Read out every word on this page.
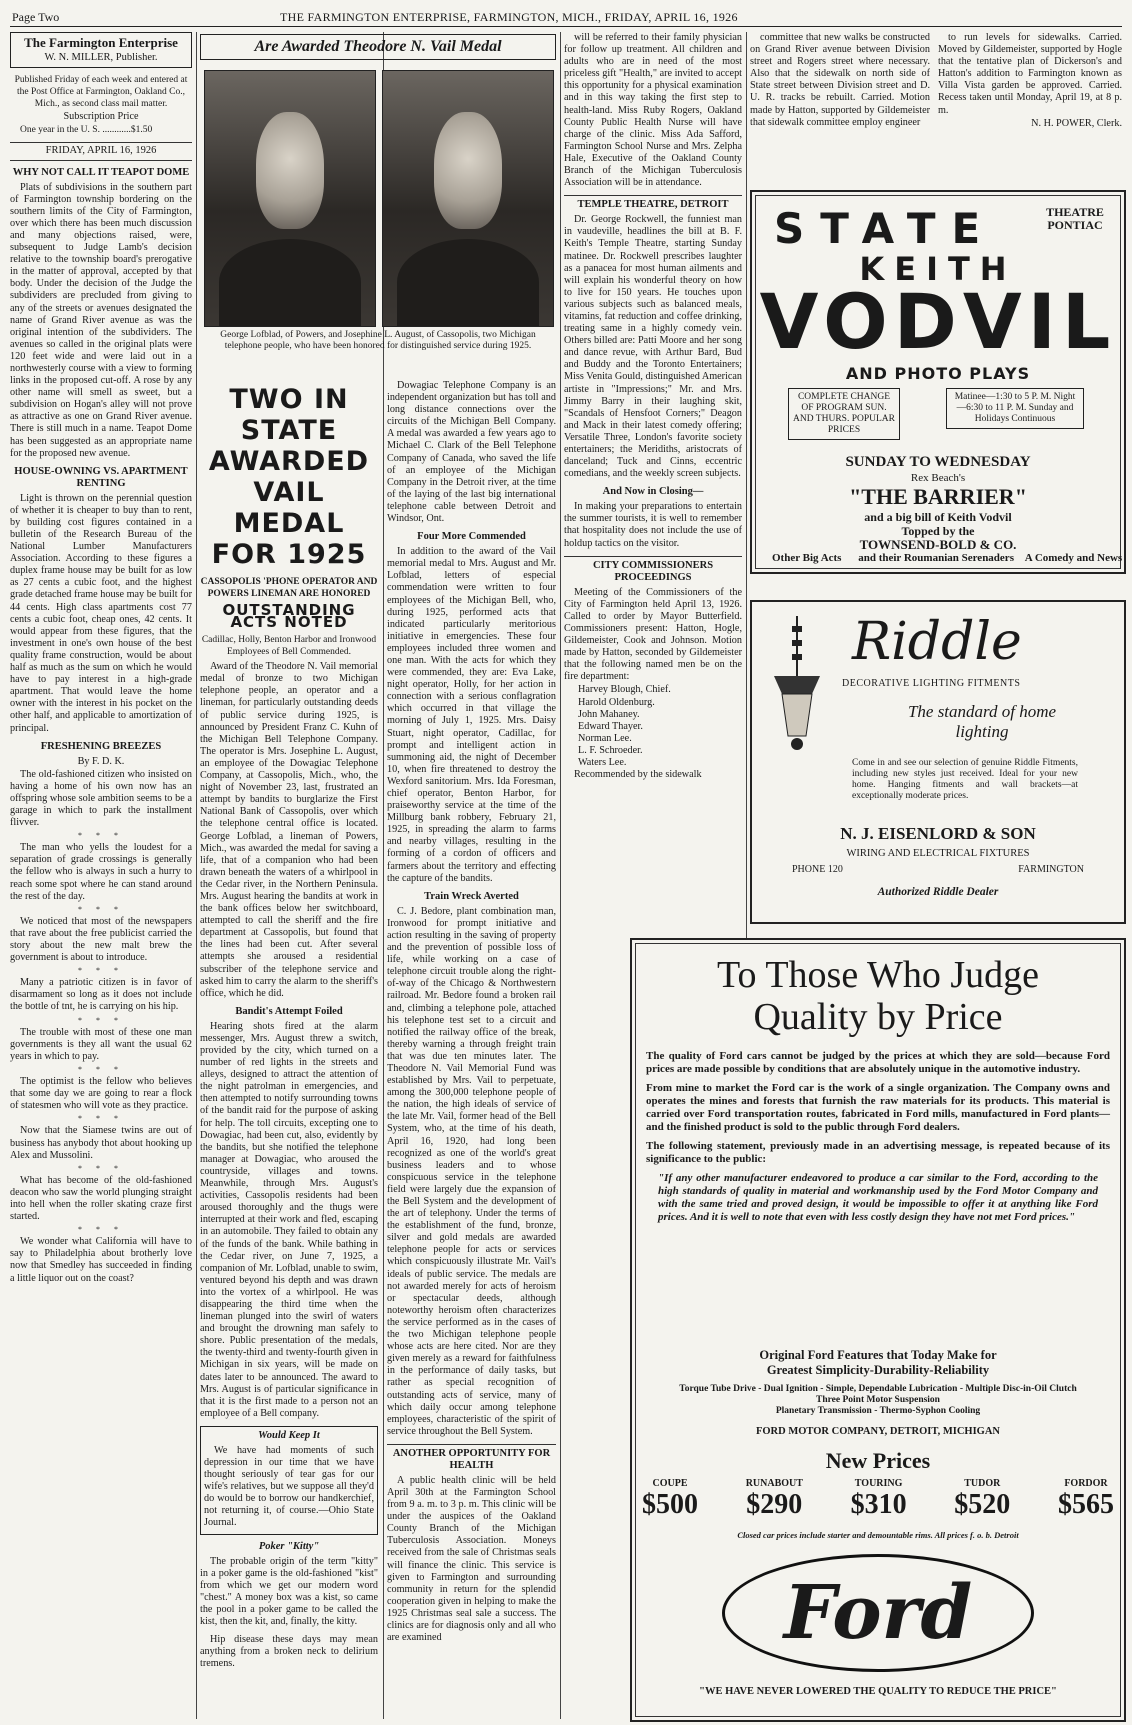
Page Two	THE FARMINGTON ENTERPRISE, FARMINGTON, MICH., FRIDAY, APRIL 16, 1926
The Farmington Enterprise
W. N. MILLER, Publisher.

Published Friday of each week and entered at the Post Office at Farmington, Oakland Co., Mich., as second class mail matter.

Subscription Price

One year in the U. S. ............$1.50

FRIDAY, APRIL 16, 1926
WHY NOT CALL IT TEAPOT DOME

Plats of subdivisions in the southern part of Farmington township bordering on the southern limits of the City of Farmington, over which there has been much discussion and many objections raised, were, subsequent to Judge Lamb's decision relative to the township board's prerogative in the matter of approval, accepted by that body. Under the decision of the Judge the subdividers are precluded from giving to any of the streets or avenues designated the name of Grand River avenue as was the original intention of the subdividers. The avenues so called in the original plats were 120 feet wide and were laid out in a northwesterly course with a view to forming links in the proposed cut-off. A rose by any other name will smell as sweet, but a subdivision on Hogan's alley will not prove as attractive as one on Grand River avenue. There is still much in a name. Teapot Dome has been suggested as an appropriate name for the proposed new avenue.

HOUSE-OWNING VS. APARTMENT RENTING

Light is thrown on the perennial question of whether it is cheaper to buy than to rent, by building cost figures contained in a bulletin of the Research Bureau of the National Lumber Manufacturers Association. According to these figures a duplex frame house may be built for as low as 27 cents a cubic foot, and the highest grade detached frame house may be built for 44 cents. High class apartments cost 77 cents a cubic foot, cheap ones, 42 cents. It would appear from these figures, that the investment in one's own house of the best quality frame construction, would be about half as much as the sum on which he would have to pay interest in a high-grade apartment. That would leave the home owner with the interest in his pocket on the other half, and applicable to amortization of principal.

FRESHENING BREEZES

By F. D. K.

The old-fashioned citizen who insisted on having a home of his own now has an offspring whose sole ambition seems to be a garage in which to park the installment flivver.

* * *

The man who yells the loudest for a separation of grade crossings is generally the fellow who is always in such a hurry to reach some spot where he can stand around the rest of the day.

* * *

We noticed that most of the newspapers that rave about the free publicist carried the story about the new malt brew the government is about to introduce.

* * *

Many a patriotic citizen is in favor of disarmament so long as it does not include the bottle of tnt, he is carrying on his hip.

* * *

The trouble with most of these one man governments is they all want the usual 62 years in which to pay.

* * *

The optimist is the fellow who believes that some day we are going to rear a flock of statesmen who will vote as they practice.

* * *

Now that the Siamese twins are out of business has anybody thot about hooking up Alex and Mussolini.

* * *

What has become of the old-fashioned deacon who saw the world plunging straight into hell when the roller skating craze first started.

* * *

We wonder what California will have to say to Philadelphia about brotherly love now that Smedley has succeeded in finding a little liquor out on the coast?

Are Awarded Theodore N. Vail Medal
George Lofblad, of Powers, and Josephine L. August, of Cassopolis, two Michigan telephone people, who have been honored for distinguished service during 1925.
TWO IN STATE AWARDED VAIL MEDAL FOR 1925
CASSOPOLIS 'PHONE OPERATOR AND POWERS LINEMAN ARE HONORED
OUTSTANDING ACTS NOTED
Cadillac, Holly, Benton Harbor and Ironwood Employees of Bell Commended.

Award of the Theodore N. Vail memorial medal of bronze to two Michigan telephone people, an operator and a lineman, for particularly outstanding deeds of public service during 1925, is announced by President Franz C. Kuhn of the Michigan Bell Telephone Company. The operator is Mrs. Josephine L. August, an employee of the Dowagiac Telephone Company, at Cassopolis, Mich., who, the night of November 23, last, frustrated an attempt by bandits to burglarize the First National Bank of Cassopolis, over which the telephone central office is located. George Lofblad, a lineman of Powers, Mich., was awarded the medal for saving a life, that of a companion who had been drawn beneath the waters of a whirlpool in the Cedar river, in the Northern Peninsula. Mrs. August hearing the bandits at work in the bank offices below her switchboard, attempted to call the sheriff and the fire department at Cassopolis, but found that the lines had been cut. After several attempts she aroused a residential subscriber of the telephone service and asked him to carry the alarm to the sheriff's office, which he did.

Bandit's Attempt Foiled

Hearing shots fired at the alarm messenger, Mrs. August threw a switch, provided by the city, which turned on a number of red lights in the streets and alleys, designed to attract the attention of the night patrolman in emergencies, and then attempted to notify surrounding towns of the bandit raid for the purpose of asking for help. The toll circuits, excepting one to Dowagiac, had been cut, also, evidently by the bandits, but she notified the telephone manager at Dowagiac, who aroused the countryside, villages and towns. Meanwhile, through Mrs. August's activities, Cassopolis residents had been aroused thoroughly and the thugs were interrupted at their work and fled, escaping in an automobile. They failed to obtain any of the funds of the bank. While bathing in the Cedar river, on June 7, 1925, a companion of Mr. Lofblad, unable to swim, ventured beyond his depth and was drawn into the vortex of a whirlpool. He was disappearing the third time when the lineman plunged into the swirl of waters and brought the drowning man safely to shore. Public presentation of the medals, the twenty-third and twenty-fourth given in Michigan in six years, will be made on dates later to be announced. The award to Mrs. August is of particular significance in that it is the first made to a person not an employee of a Bell company.

Would Keep It

We have had moments of such depression in our time that we have thought seriously of tear gas for our wife's relatives, but we suppose all they'd do would be to borrow our handkerchief, not returning it, of course.—Ohio State Journal.

Poker "Kitty"

The probable origin of the term "kitty" in a poker game is the old-fashioned "kist" from which we get our modern word "chest." A money box was a kist, so came the pool in a poker game to be called the kist, then the kit, and, finally, the kitty.

Hip disease these days may mean anything from a broken neck to delirium tremens.

Dowagiac Telephone Company is an independent organization but has toll and long distance connections over the circuits of the Michigan Bell Company. A medal was awarded a few years ago to Michael C. Clark of the Bell Telephone Company of Canada, who saved the life of an employee of the Michigan Company in the Detroit river, at the time of the laying of the last big international telephone cable between Detroit and Windsor, Ont.

Four More Commended

In addition to the award of the Vail memorial medal to Mrs. August and Mr. Lofblad, letters of especial commendation were written to four employees of the Michigan Bell, who, during 1925, performed acts that indicated particularly meritorious initiative in emergencies. These four employees included three women and one man. With the acts for which they were commended, they are: Eva Lake, night operator, Holly, for her action in connection with a serious conflagration which occurred in that village the morning of July 1, 1925. Mrs. Daisy Stuart, night operator, Cadillac, for prompt and intelligent action in summoning aid, the night of December 10, when fire threatened to destroy the Wexford sanitorium. Mrs. Ida Foresman, chief operator, Benton Harbor, for praiseworthy service at the time of the Millburg bank robbery, February 21, 1925, in spreading the alarm to farms and nearby villages, resulting in the forming of a cordon of officers and farmers about the territory and effecting the capture of the bandits.

Train Wreck Averted

C. J. Bedore, plant combination man, Ironwood for prompt initiative and action resulting in the saving of property and the prevention of possible loss of life, while working on a case of telephone circuit trouble along the right-of-way of the Chicago & Northwestern railroad. Mr. Bedore found a broken rail and, climbing a telephone pole, attached his telephone test set to a circuit and notified the railway office of the break, thereby warning a through freight train that was due ten minutes later. The Theodore N. Vail Memorial Fund was established by Mrs. Vail to perpetuate, among the 300,000 telephone people of the nation, the high ideals of service of the late Mr. Vail, former head of the Bell System, who, at the time of his death, April 16, 1920, had long been recognized as one of the world's great business leaders and to whose conspicuous service in the telephone field were largely due the expansion of the Bell System and the development of the art of telephony. Under the terms of the establishment of the fund, bronze, silver and gold medals are awarded telephone people for acts or services which conspicuously illustrate Mr. Vail's ideals of public service. The medals are not awarded merely for acts of heroism or spectacular deeds, although noteworthy heroism often characterizes the service performed as in the cases of the two Michigan telephone people whose acts are here cited. Nor are they given merely as a reward for faithfulness in the performance of daily tasks, but rather as special recognition of outstanding acts of service, many of which daily occur among telephone employees, characteristic of the spirit of service throughout the Bell System.

ANOTHER OPPORTUNITY FOR HEALTH

A public health clinic will be held April 30th at the Farmington School from 9 a. m. to 3 p. m. This clinic will be under the auspices of the Oakland County Branch of the Michigan Tuberculosis Association. Moneys received from the sale of Christmas seals will finance the clinic. This service is given to Farmington and surrounding community in return for the splendid cooperation given in helping to make the 1925 Christmas seal sale a success. The clinics are for diagnosis only and all who are examined

will be referred to their family physician for follow up treatment. All children and adults who are in need of the most priceless gift "Health," are invited to accept this opportunity for a physical examination and in this way taking the first step to health-land. Miss Ruby Rogers, Oakland County Public Health Nurse will have charge of the clinic. Miss Ada Safford, Farmington School Nurse and Mrs. Zelpha Hale, Executive of the Oakland County Branch of the Michigan Tuberculosis Association will be in attendance.

TEMPLE THEATRE, DETROIT

Dr. George Rockwell, the funniest man in vaudeville, headlines the bill at B. F. Keith's Temple Theatre, starting Sunday matinee. Dr. Rockwell prescribes laughter as a panacea for most human ailments and will explain his wonderful theory on how to live for 150 years. He touches upon various subjects such as balanced meals, vitamins, fat reduction and coffee drinking, treating same in a highly comedy vein. Others billed are: Patti Moore and her song and dance revue, with Arthur Bard, Bud and Buddy and the Toronto Entertainers; Miss Venita Gould, distinguished American artiste in "Impressions;" Mr. and Mrs. Jimmy Barry in their laughing skit, "Scandals of Hensfoot Corners;" Deagon and Mack in their latest comedy offering; Versatile Three, London's favorite society entertainers; the Meridiths, aristocrats of danceland; Tuck and Cinns, eccentric comedians, and the weekly screen subjects.

And Now in Closing—

In making your preparations to entertain the summer tourists, it is well to remember that hospitality does not include the use of holdup tactics on the visitor.

CITY COMMISSIONERS PROCEEDINGS

Meeting of the Commissioners of the City of Farmington held April 13, 1926. Called to order by Mayor Butterfield. Commissioners present: Hatton, Hogle, Gildemeister, Cook and Johnson. Motion made by Hatton, seconded by Gildemeister that the following named men be on the fire department:

Harvey Blough, Chief.
Harold Oldenburg.
John Mahaney.
Edward Thayer.
Norman Lee.
L. F. Schroeder.
Waters Lee.

Recommended by the sidewalk

committee that new walks be constructed on Grand River avenue between Division street and Rogers street where necessary. Also that the sidewalk on north side of State street between Division street and D. U. R. tracks be rebuilt. Carried. Motion made by Hatton, supported by Gildemeister that sidewalk committee employ engineer

to run levels for sidewalks. Carried. Moved by Gildemeister, supported by Hogle that the tentative plan of Dickerson's and Hatton's addition to Farmington known as Villa Vista garden be approved. Carried. Recess taken until Monday, April 19, at 8 p. m.

N. H. POWER, Clerk.

STATE	THEATRE PONTIAC
KEITH
VODVIL
AND PHOTO PLAYS
COMPLETE CHANGE OF PROGRAM SUN. AND THURS. POPULAR PRICES
Matinee—1:30 to 5 P. M. Night—6:30 to 11 P. M. Sunday and Holidays Continuous
SUNDAY TO WEDNESDAY
Rex Beach's
"THE BARRIER"
and a big bill of Keith Vodvil
Topped by the
TOWNSEND-BOLD & CO.
Other Big Acts and their Roumanian Serenaders A Comedy and News
Riddle
DECORATIVE LIGHTING FITMENTS
The standard of home lighting
Come in and see our selection of genuine Riddle Fitments, including new styles just received. Ideal for your new home. Hanging fitments and wall brackets—at exceptionally moderate prices.
N. J. EISENLORD & SON
WIRING AND ELECTRICAL FIXTURES
PHONE 120	FARMINGTON
Authorized Riddle Dealer
To Those Who Judge
Quality by Price

The quality of Ford cars cannot be judged by the prices at which they are sold—because Ford prices are made possible by conditions that are absolutely unique in the automotive industry.

From mine to market the Ford car is the work of a single organization. The Company owns and operates the mines and forests that furnish the raw materials for its products. This material is carried over Ford transportation routes, fabricated in Ford mills, manufactured in Ford plants—and the finished product is sold to the public through Ford dealers.

The following statement, previously made in an advertising message, is repeated because of its significance to the public:

"If any other manufacturer endeavored to produce a car similar to the Ford, according to the high standards of quality in material and workmanship used by the Ford Motor Company and with the same tried and proved design, it would be impossible to offer it at anything like Ford prices. And it is well to note that even with less costly design they have not met Ford prices."

Original Ford Features that Today Make for
Greatest Simplicity-Durability-Reliability
Torque Tube Drive - Dual Ignition - Simple, Dependable Lubrication - Multiple Disc-in-Oil Clutch
Three Point Motor Suspension
Planetary Transmission - Thermo-Syphon Cooling
FORD MOTOR COMPANY, DETROIT, MICHIGAN
New Prices
COUPE
$500
RUNABOUT
$290
TOURING
$310
TUDOR
$520
FORDOR
$565
Closed car prices include starter and demountable rims. All prices f. o. b. Detroit
Ford
"WE HAVE NEVER LOWERED THE QUALITY TO REDUCE THE PRICE"
